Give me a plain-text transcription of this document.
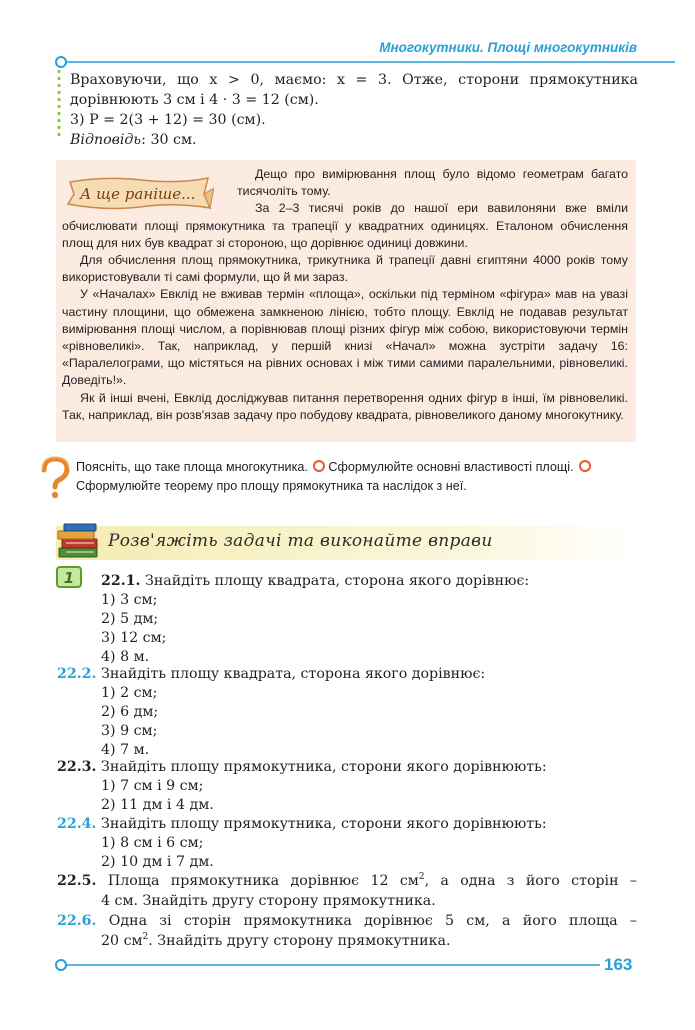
Многокутники. Площі многокутників

Враховуючи, що x > 0, маємо: x = 3. Отже, сторони прямокутника

дорівнюють 3 см і 4 · 3 = 12 (см).

3) P = 2(3 + 12) = 30 (см).

Відповідь: 30 см.

Дещо про вимірювання площ було відомо геометрам багато тисячоліть тому.

За 2–3 тисячі років до нашої ери вавилоняни вже вміли обчислювати площі прямокутника та трапеції у квадратних одиницях. Еталоном обчислення площ для них був квадрат зі стороною, що дорівнює одиниці довжини.

Для обчислення площ прямокутника, трикутника й трапеції давні єгиптяни 4000 років тому використовували ті самі формули, що й ми зараз.

У «Началах» Евклід не вживав термін «площа», оскільки під терміном «фігура» мав на увазі частину площини, що обмежена замкненою лінією, тобто площу. Евклід не подавав результат вимірювання площі числом, а порівнював площі різних фігур між собою, використовуючи термін «рівновеликі». Так, наприклад, у першій книзі «Начал» можна зустріти задачу 16: «Паралелограми, що містяться на рівних основах і між тими самими паралельними, рівновеликі. Доведіть!».

Як й інші вчені, Евклід досліджував питання перетворення одних фігур в інші, їм рівновеликі. Так, наприклад, він розв'язав задачу про побудову квадрата, рівновеликого даному многокутнику.

А ще раніше...
Поясніть, що таке площа многокутника. Сформулюйте основні властивості площі. Сформулюйте теорему про площу прямокутника та наслідок з неї.
Розв'яжіть задачі та виконайте вправи
1 22.1. Знайдіть площу квадрата, сторона якого дорівнює:
1) 3 см;
2) 5 дм;
3) 12 см;
4) 8 м.
22.2. Знайдіть площу квадрата, сторона якого дорівнює:
1) 2 см;
2) 6 дм;
3) 9 см;
4) 7 м.
22.3. Знайдіть площу прямокутника, сторони якого дорівнюють:
1) 7 см і 9 см;
2) 11 дм і 4 дм.
22.4. Знайдіть площу прямокутника, сторони якого дорівнюють:
1) 8 см і 6 см;
2) 10 дм і 7 дм.
22.5. Площа прямокутника дорівнює 12 $см^2$, а одна з його сторін –
4 см. Знайдіть другу сторону прямокутника.
22.6. Одна зі сторін прямокутника дорівнює 5 см, а його площа –
20 $см^2$. Знайдіть другу сторону прямокутника.
163
